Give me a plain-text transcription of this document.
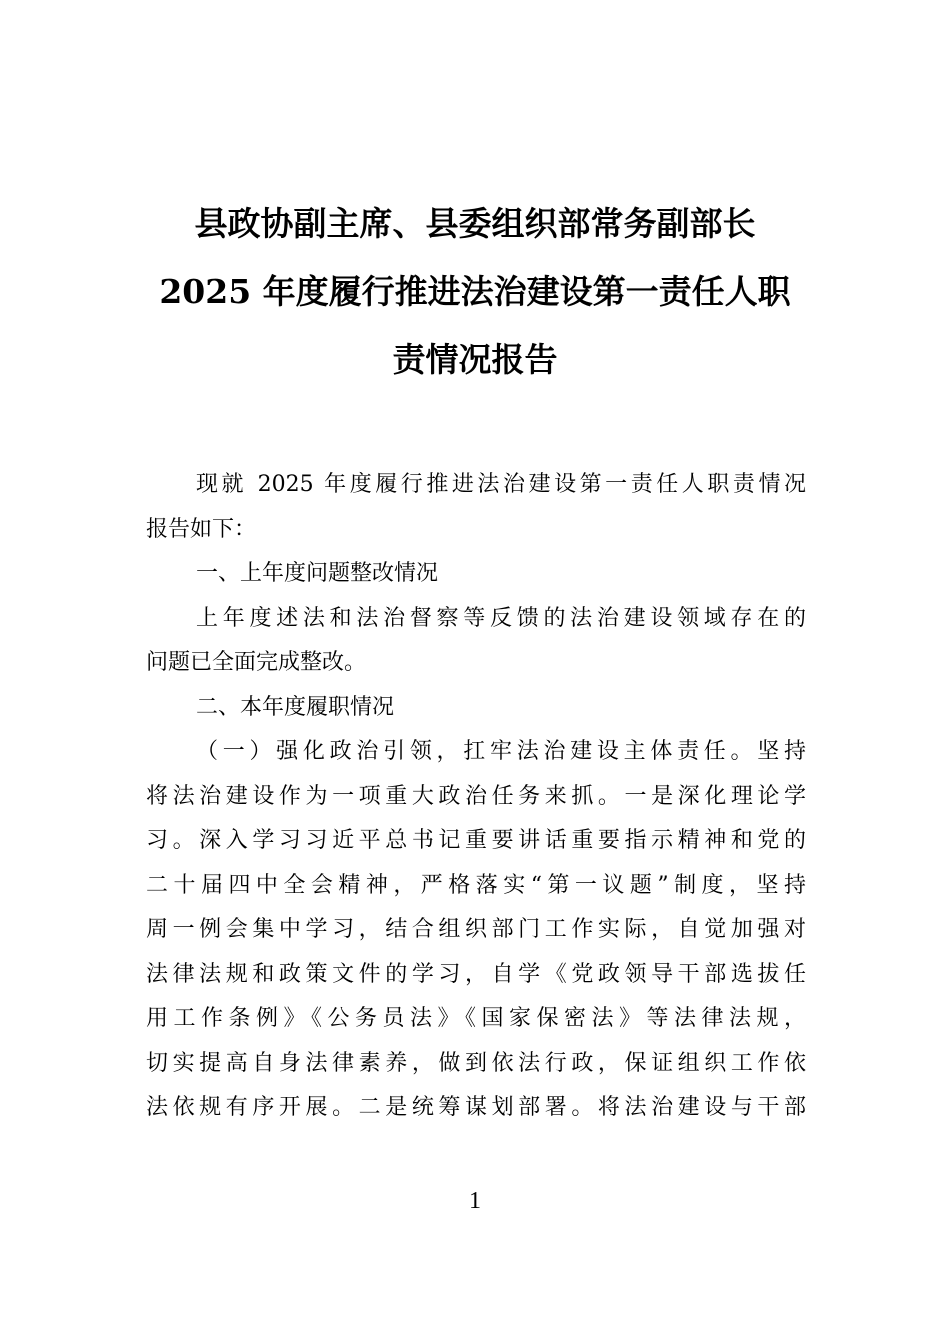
县政协副主席、县委组织部常务副部长
2025 年度履行推进法治建设第一责任人职
责情况报告
现就 2025 年度履行推进法治建设第一责任人职责情况
报告如下：
一、上年度问题整改情况
上年度述法和法治督察等反馈的法治建设领域存在的
问题已全面完成整改。
二、本年度履职情况
（一）强化政治引领，扛牢法治建设主体责任。坚持
将法治建设作为一项重大政治任务来抓。一是深化理论学
习。深入学习习近平总书记重要讲话重要指示精神和党的
二十届四中全会精神，严格落实“第一议题”制度，坚持
周一例会集中学习，结合组织部门工作实际，自觉加强对
法律法规和政策文件的学习，自学《党政领导干部选拔任
用工作条例》《公务员法》《国家保密法》等法律法规，
切实提高自身法律素养，做到依法行政，保证组织工作依
法依规有序开展。二是统筹谋划部署。将法治建设与干部
1
